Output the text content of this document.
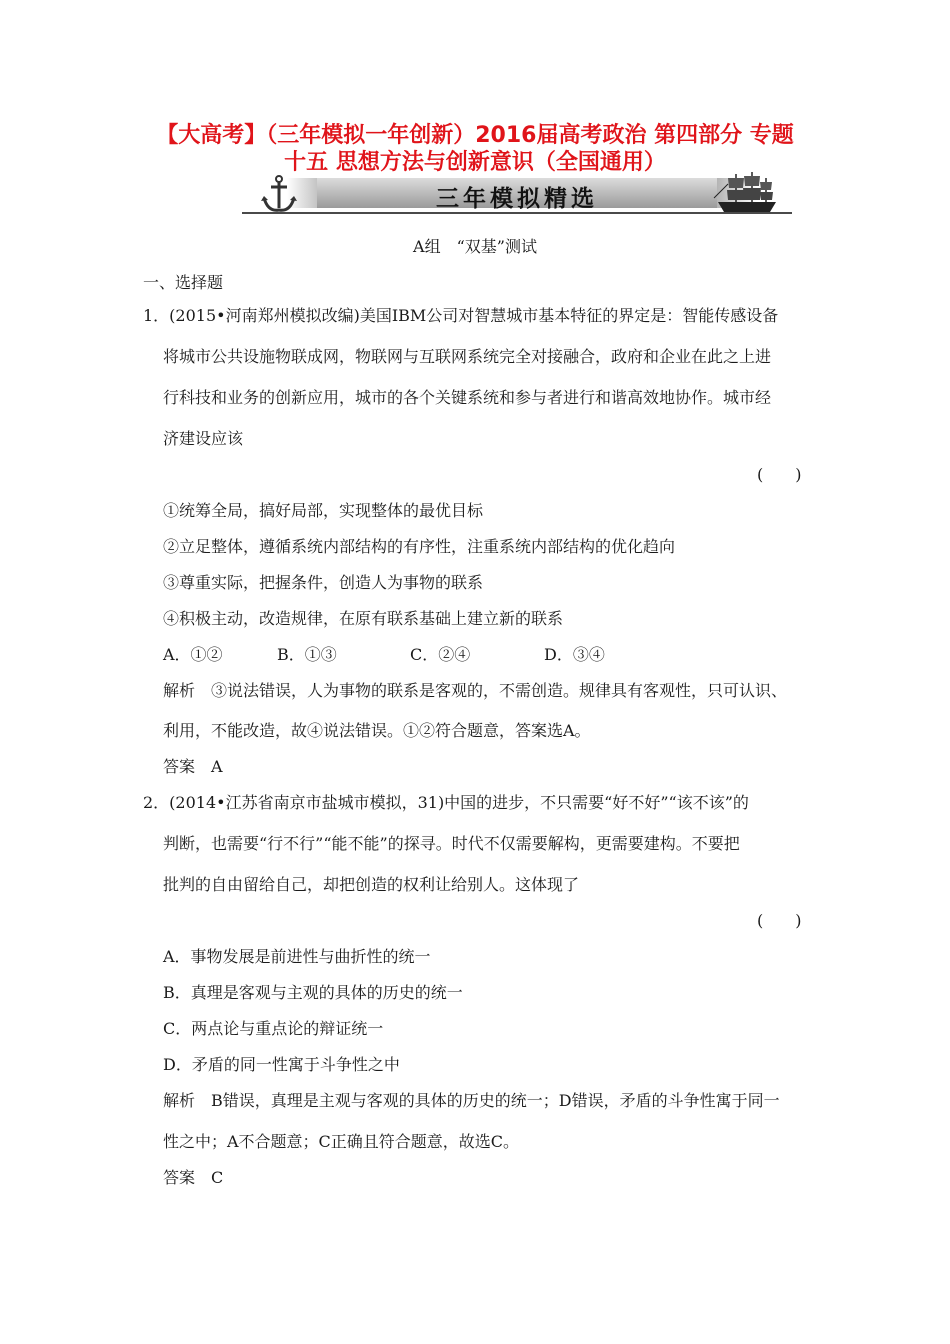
【大高考】（三年模拟一年创新）2016届高考政治 第四部分 专题
十五 思想方法与创新意识（全国通用）
三年模拟精选
A组　“双基”测试
一、选择题
1．(2015•河南郑州模拟改编)美国IBM公司对智慧城市基本特征的界定是：智能传感设备
将城市公共设施物联成网，物联网与互联网系统完全对接融合，政府和企业在此之上进
行科技和业务的创新应用，城市的各个关键系统和参与者进行和谐高效地协作。城市经
济建设应该
(　　)
①统筹全局，搞好局部，实现整体的最优目标
②立足整体，遵循系统内部结构的有序性，注重系统内部结构的优化趋向
③尊重实际，把握条件，创造人为事物的联系
④积极主动，改造规律，在原有联系基础上建立新的联系
A．①②	B．①③	C．②④	D．③④
解析　③说法错误，人为事物的联系是客观的，不需创造。规律具有客观性，只可认识、
利用，不能改造，故④说法错误。①②符合题意，答案选A。
答案　A
2．(2014•江苏省南京市盐城市模拟，31)中国的进步，不只需要“好不好”“该不该”的
判断，也需要“行不行”“能不能”的探寻。时代不仅需要解构，更需要建构。不要把
批判的自由留给自己，却把创造的权利让给别人。这体现了
(　　)
A．事物发展是前进性与曲折性的统一
B．真理是客观与主观的具体的历史的统一
C．两点论与重点论的辩证统一
D．矛盾的同一性寓于斗争性之中
解析　B错误，真理是主观与客观的具体的历史的统一；D错误，矛盾的斗争性寓于同一
性之中；A不合题意；C正确且符合题意，故选C。
答案　C
